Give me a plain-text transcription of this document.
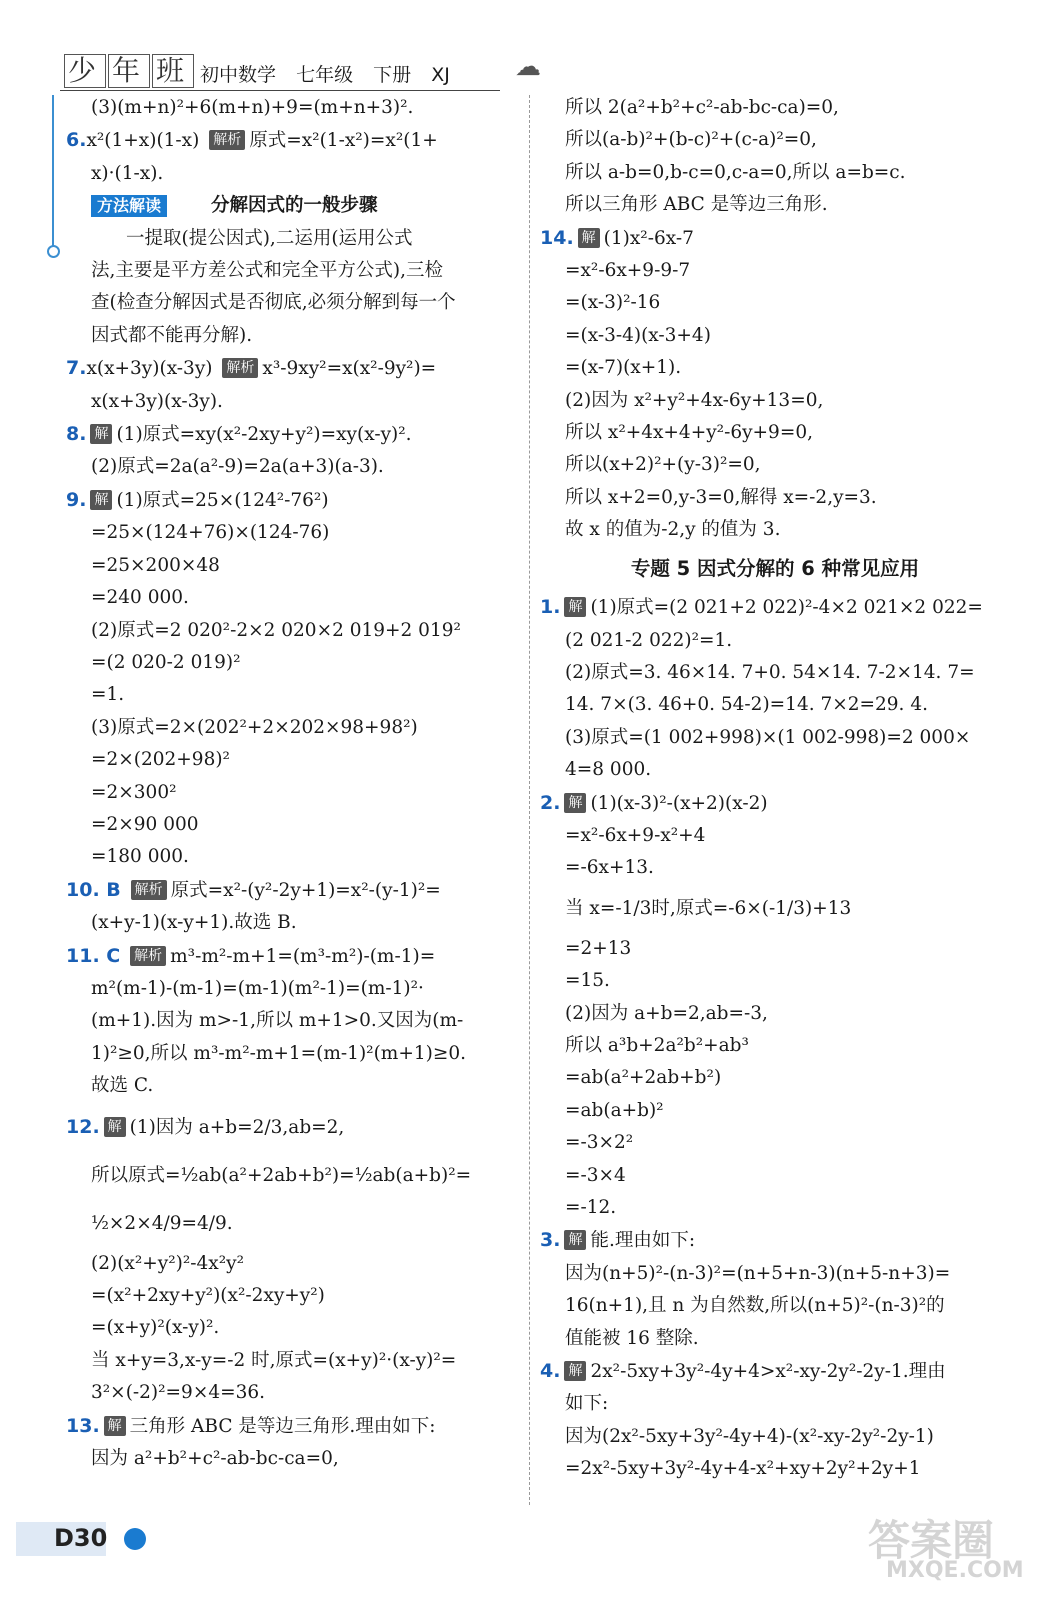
少 年 班 初中数学 七年级 下册 XJ	☁
(3)(m+n)²+6(m+n)+9=(m+n+3)².
6.x²(1+x)(1-x) 解析 原式=x²(1-x²)=x²(1+
x)·(1-x).
方法解读	分解因式的一般步骤
一提取(提公因式),二运用(运用公式
法,主要是平方差公式和完全平方公式),三检
查(检查分解因式是否彻底,必须分解到每一个
因式都不能再分解).
7.x(x+3y)(x-3y) 解析 x³-9xy²=x(x²-9y²)=
x(x+3y)(x-3y).
8. 解 (1)原式=xy(x²-2xy+y²)=xy(x-y)².
(2)原式=2a(a²-9)=2a(a+3)(a-3).
9. 解 (1)原式=25×(124²-76²)
=25×(124+76)×(124-76)
=25×200×48
=240 000.
(2)原式=2 020²-2×2 020×2 019+2 019²
=(2 020-2 019)²
=1.
(3)原式=2×(202²+2×202×98+98²)
=2×(202+98)²
=2×300²
=2×90 000
=180 000.
10. B 解析 原式=x²-(y²-2y+1)=x²-(y-1)²=
(x+y-1)(x-y+1).故选 B.
11. C 解析 m³-m²-m+1=(m³-m²)-(m-1)=
m²(m-1)-(m-1)=(m-1)(m²-1)=(m-1)²·
(m+1).因为 m>-1,所以 m+1>0.又因为(m-
1)²≥0,所以 m³-m²-m+1=(m-1)²(m+1)≥0.
故选 C.
12. 解 (1)因为 a+b=2/3,ab=2,
所以原式=½ab(a²+2ab+b²)=½ab(a+b)²=
½×2×4/9=4/9.
(2)(x²+y²)²-4x²y²
=(x²+2xy+y²)(x²-2xy+y²)
=(x+y)²(x-y)².
当 x+y=3,x-y=-2 时,原式=(x+y)²·(x-y)²=
3²×(-2)²=9×4=36.
13. 解 三角形 ABC 是等边三角形.理由如下:
因为 a²+b²+c²-ab-bc-ca=0,
所以 2(a²+b²+c²-ab-bc-ca)=0,
所以(a-b)²+(b-c)²+(c-a)²=0,
所以 a-b=0,b-c=0,c-a=0,所以 a=b=c.
所以三角形 ABC 是等边三角形.
14. 解 (1)x²-6x-7
=x²-6x+9-9-7
=(x-3)²-16
=(x-3-4)(x-3+4)
=(x-7)(x+1).
(2)因为 x²+y²+4x-6y+13=0,
所以 x²+4x+4+y²-6y+9=0,
所以(x+2)²+(y-3)²=0,
所以 x+2=0,y-3=0,解得 x=-2,y=3.
故 x 的值为-2,y 的值为 3.
专题 5 因式分解的 6 种常见应用
1. 解 (1)原式=(2 021+2 022)²-4×2 021×2 022=
(2 021-2 022)²=1.
(2)原式=3. 46×14. 7+0. 54×14. 7-2×14. 7=
14. 7×(3. 46+0. 54-2)=14. 7×2=29. 4.
(3)原式=(1 002+998)×(1 002-998)=2 000×
4=8 000.
2. 解 (1)(x-3)²-(x+2)(x-2)
=x²-6x+9-x²+4
=-6x+13.
当 x=-1/3时,原式=-6×(-1/3)+13
=2+13
=15.
(2)因为 a+b=2,ab=-3,
所以 a³b+2a²b²+ab³
=ab(a²+2ab+b²)
=ab(a+b)²
=-3×2²
=-3×4
=-12.
3. 解 能.理由如下:
因为(n+5)²-(n-3)²=(n+5+n-3)(n+5-n+3)=
16(n+1),且 n 为自然数,所以(n+5)²-(n-3)²的
值能被 16 整除.
4. 解 2x²-5xy+3y²-4y+4>x²-xy-2y²-2y-1.理由
如下:
因为(2x²-5xy+3y²-4y+4)-(x²-xy-2y²-2y-1)
=2x²-5xy+3y²-4y+4-x²+xy+2y²+2y+1
D30	答案圈
MXQE.COM
